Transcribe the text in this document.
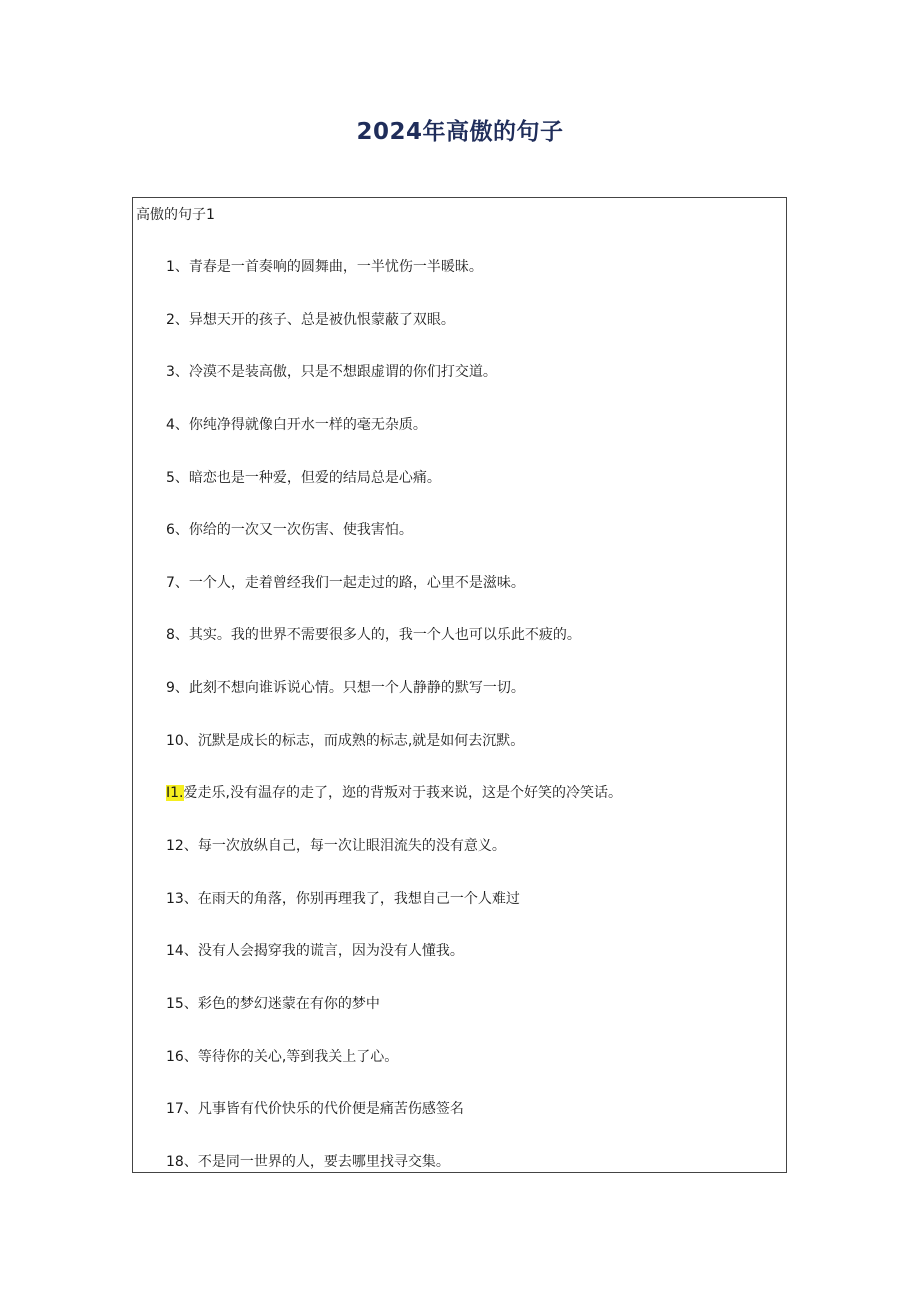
2024年高傲的句子

高傲的句子1

1、青春是一首奏响的圆舞曲，一半忧伤一半暖昧。
2、异想天开的孩子、总是被仇恨蒙蔽了双眼。
3、冷漠不是装高傲，只是不想跟虚谓的你们打交道。
4、你纯净得就像白开水一样的毫无杂质。
5、暗恋也是一种爱，但爱的结局总是心痛。
6、你给的一次又一次伤害、使我害怕。
7、一个人，走着曾经我们一起走过的路，心里不是滋味。
8、其实。我的世界不需要很多人的，我一个人也可以乐此不疲的。
9、此刻不想向谁诉说心情。只想一个人静静的默写一切。
10、沉默是成长的标志，而成熟的标志,就是如何去沉默。
I1.爱走乐,没有温存的走了，迩的背叛对于莪来说，这是个好笑的冷笑话。
12、每一次放纵自己，每一次让眼泪流失的没有意义。
13、在雨天的角落，你别再理我了，我想自己一个人难过
14、没有人会揭穿我的谎言，因为没有人懂我。
15、彩色的梦幻迷蒙在有你的梦中
16、等待你的关心,等到我关上了心。
17、凡事皆有代价快乐的代价便是痛苦伤感签名
18、不是同一世界的人，要去哪里找寻交集。
